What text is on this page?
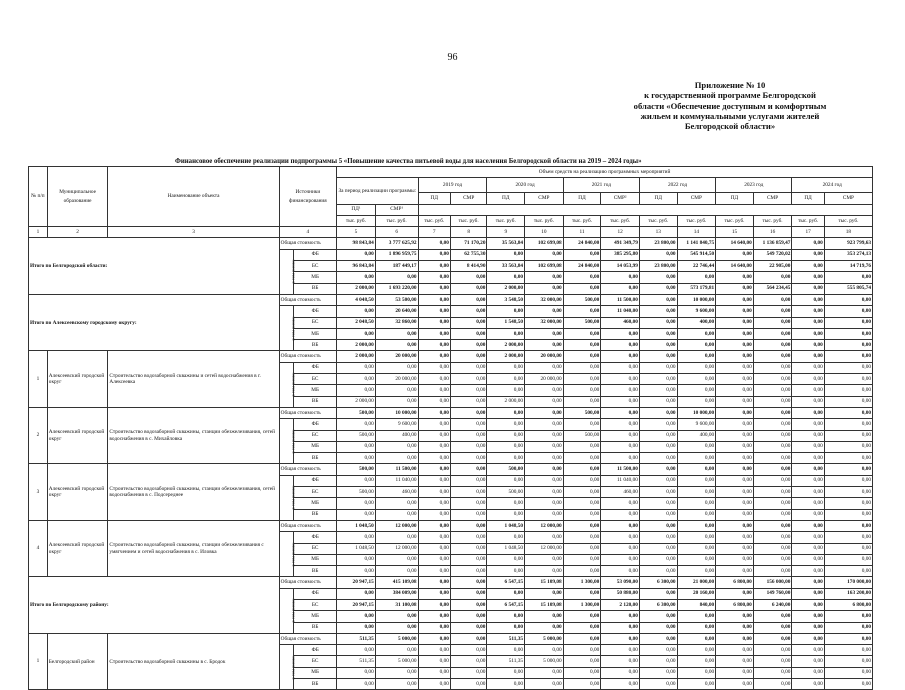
96
Приложение № 10
к государственной программе Белгородской
области «Обеспечение доступным и комфортным
жильем и коммунальными услугами жителей
Белгородской области»
Финансовое обеспечение реализации подпрограммы 5 «Повышение качества питьевой воды для населения Белгородской области на 2019 – 2024 годы»
№ п/п	Муниципальное образование	Наименование объекта	Источники финансирования		Объем средств на реализацию программных мероприятий													
					За период реализации программы:		2019 год		2020 год		2021 год		2022 год		2023 год		2024 год	
							ПД	СМР	ПД	СМР	ПД	СМР²	ПД	СМР	ПД	СМР	ПД	СМР
					ПД¹	СМР¹												
					тыс. руб.	тыс. руб.	тыс. руб.	тыс. руб.	тыс. руб.	тыс. руб.	тыс. руб.	тыс. руб.	тыс. руб.	тыс. руб.	тыс. руб.	тыс. руб.	тыс. руб.	тыс. руб.
1	2	3	4		5	6	7	8	9	10	11	12	13	14	15	16	17	18
Итого по Белгородской области:			Общая стоимость		98 843,84	3 777 625,92	0,00	71 170,20	35 563,84	102 699,08	24 840,00	491 349,79	23 800,00	1 141 840,75	14 640,00	1 136 859,47	0,00	923 799,63
			в том числе:	ФБ	0,00	1 896 959,75	0,00	62 755,30	0,00	0,00	0,00	385 295,80	0,00	545 914,50	0,00	549 720,02	0,00	353 274,13
				БС	96 843,84	187 449,17	0,00	8 414,90	33 563,84	102 699,08	24 840,00	14 053,99	23 800,00	22 746,44	14 640,00	22 905,00	0,00	14 719,76
				МБ	0,00	0,00	0,00	0,00	0,00	0,00	0,00	0,00	0,00	0,00	0,00	0,00	0,00	0,00
				ВБ	2 000,00	1 693 220,00	0,00	0,00	2 000,00	0,00	0,00	0,00	0,00	573 179,81	0,00	564 234,45	0,00	555 805,74
Итого по Алексеевскому городскому округу:			Общая стоимость		4 048,50	53 500,00	0,00	0,00	3 548,50	32 000,00	500,00	11 500,00	0,00	10 000,00	0,00	0,00	0,00	0,00
			в том числе:	ФБ	0,00	20 640,00	0,00	0,00	0,00	0,00	0,00	11 040,00	0,00	9 600,00	0,00	0,00	0,00	0,00
				БС	2 048,50	32 860,00	0,00	0,00	1 548,50	32 000,00	500,00	460,00	0,00	400,00	0,00	0,00	0,00	0,00
				МБ	0,00	0,00	0,00	0,00	0,00	0,00	0,00	0,00	0,00	0,00	0,00	0,00	0,00	0,00
				ВБ	2 000,00	0,00	0,00	0,00	2 000,00	0,00	0,00	0,00	0,00	0,00	0,00	0,00	0,00	0,00
1	Алексеевский городской округ	Строительство водозаборной скважины и сетей водоснабжения в г. Алексеевка	Общая стоимость		2 000,00	20 000,00	0,00	0,00	2 000,00	20 000,00	0,00	0,00	0,00	0,00	0,00	0,00	0,00	0,00
			в том числе:	ФБ	0,00	0,00	0,00	0,00	0,00	0,00	0,00	0,00	0,00	0,00	0,00	0,00	0,00	0,00
				БС	0,00	20 000,00	0,00	0,00	0,00	20 000,00	0,00	0,00	0,00	0,00	0,00	0,00	0,00	0,00
				МБ	0,00	0,00	0,00	0,00	0,00	0,00	0,00	0,00	0,00	0,00	0,00	0,00	0,00	0,00
				ВБ	2 000,00	0,00	0,00	0,00	2 000,00	0,00	0,00	0,00	0,00	0,00	0,00	0,00	0,00	0,00
2	Алексеевский городской округ	Строительство водозаборной скважины, станции обезжелезивания, сетей водоснабжения в с. Михайловка	Общая стоимость		500,00	10 000,00	0,00	0,00	0,00	0,00	500,00	0,00	0,00	10 000,00	0,00	0,00	0,00	0,00
			в том числе:	ФБ	0,00	9 600,00	0,00	0,00	0,00	0,00	0,00	0,00	0,00	9 600,00	0,00	0,00	0,00	0,00
				БС	500,00	400,00	0,00	0,00	0,00	0,00	500,00	0,00	0,00	400,00	0,00	0,00	0,00	0,00
				МБ	0,00	0,00	0,00	0,00	0,00	0,00	0,00	0,00	0,00	0,00	0,00	0,00	0,00	0,00
				ВБ	0,00	0,00	0,00	0,00	0,00	0,00	0,00	0,00	0,00	0,00	0,00	0,00	0,00	0,00
3	Алексеевский городской округ	Строительство водозаборной скважины, станции обезжелезивания, сетей водоснабжения в с. Подсереднее	Общая стоимость		500,00	11 500,00	0,00	0,00	500,00	0,00	0,00	11 500,00	0,00	0,00	0,00	0,00	0,00	0,00
			в том числе:	ФБ	0,00	11 040,00	0,00	0,00	0,00	0,00	0,00	11 040,00	0,00	0,00	0,00	0,00	0,00	0,00
				БС	500,00	460,00	0,00	0,00	500,00	0,00	0,00	460,00	0,00	0,00	0,00	0,00	0,00	0,00
				МБ	0,00	0,00	0,00	0,00	0,00	0,00	0,00	0,00	0,00	0,00	0,00	0,00	0,00	0,00
				ВБ	0,00	0,00	0,00	0,00	0,00	0,00	0,00	0,00	0,00	0,00	0,00	0,00	0,00	0,00
4	Алексеевский городской округ	Строительство водозаборной скважины, станции обезжелезивания с умягчением и сетей водоснабжения в с. Иловка	Общая стоимость		1 048,50	12 000,00	0,00	0,00	1 048,50	12 000,00	0,00	0,00	0,00	0,00	0,00	0,00	0,00	0,00
			в том числе:	ФБ	0,00	0,00	0,00	0,00	0,00	0,00	0,00	0,00	0,00	0,00	0,00	0,00	0,00	0,00
				БС	1 048,50	12 000,00	0,00	0,00	1 048,50	12 000,00	0,00	0,00	0,00	0,00	0,00	0,00	0,00	0,00
				МБ	0,00	0,00	0,00	0,00	0,00	0,00	0,00	0,00	0,00	0,00	0,00	0,00	0,00	0,00
				ВБ	0,00	0,00	0,00	0,00	0,00	0,00	0,00	0,00	0,00	0,00	0,00	0,00	0,00	0,00
Итого по Белгородскому району:			Общая стоимость		20 947,15	415 109,08	0,00	0,00	6 547,15	15 109,08	1 300,00	53 090,00	6 300,00	21 000,00	6 800,00	156 000,00	0,00	170 000,00
			в том числе:	ФБ	0,00	384 009,00	0,00	0,00	0,00	0,00	0,00	50 880,00	0,00	20 160,00	0,00	149 760,00	0,00	163 200,00
				БС	20 947,15	31 100,08	0,00	0,00	6 547,15	15 109,08	1 300,00	2 120,00	6 300,00	840,00	6 800,00	6 240,00	0,00	6 800,00
				МБ	0,00	0,00	0,00	0,00	0,00	0,00	0,00	0,00	0,00	0,00	0,00	0,00	0,00	0,00
				ВБ	0,00	0,00	0,00	0,00	0,00	0,00	0,00	0,00	0,00	0,00	0,00	0,00	0,00	0,00
1	Белгородский район	Строительство водозаборной скважины в с. Бродок	Общая стоимость		511,35	5 000,00	0,00	0,00	511,35	5 000,00	0,00	0,00	0,00	0,00	0,00	0,00	0,00	0,00
			в том числе:	ФБ	0,00	0,00	0,00	0,00	0,00	0,00	0,00	0,00	0,00	0,00	0,00	0,00	0,00	0,00
				БС	511,35	5 000,00	0,00	0,00	511,35	5 000,00	0,00	0,00	0,00	0,00	0,00	0,00	0,00	0,00
				МБ	0,00	0,00	0,00	0,00	0,00	0,00	0,00	0,00	0,00	0,00	0,00	0,00	0,00	0,00
				ВБ	0,00	0,00	0,00	0,00	0,00	0,00	0,00	0,00	0,00	0,00	0,00	0,00	0,00	0,00
